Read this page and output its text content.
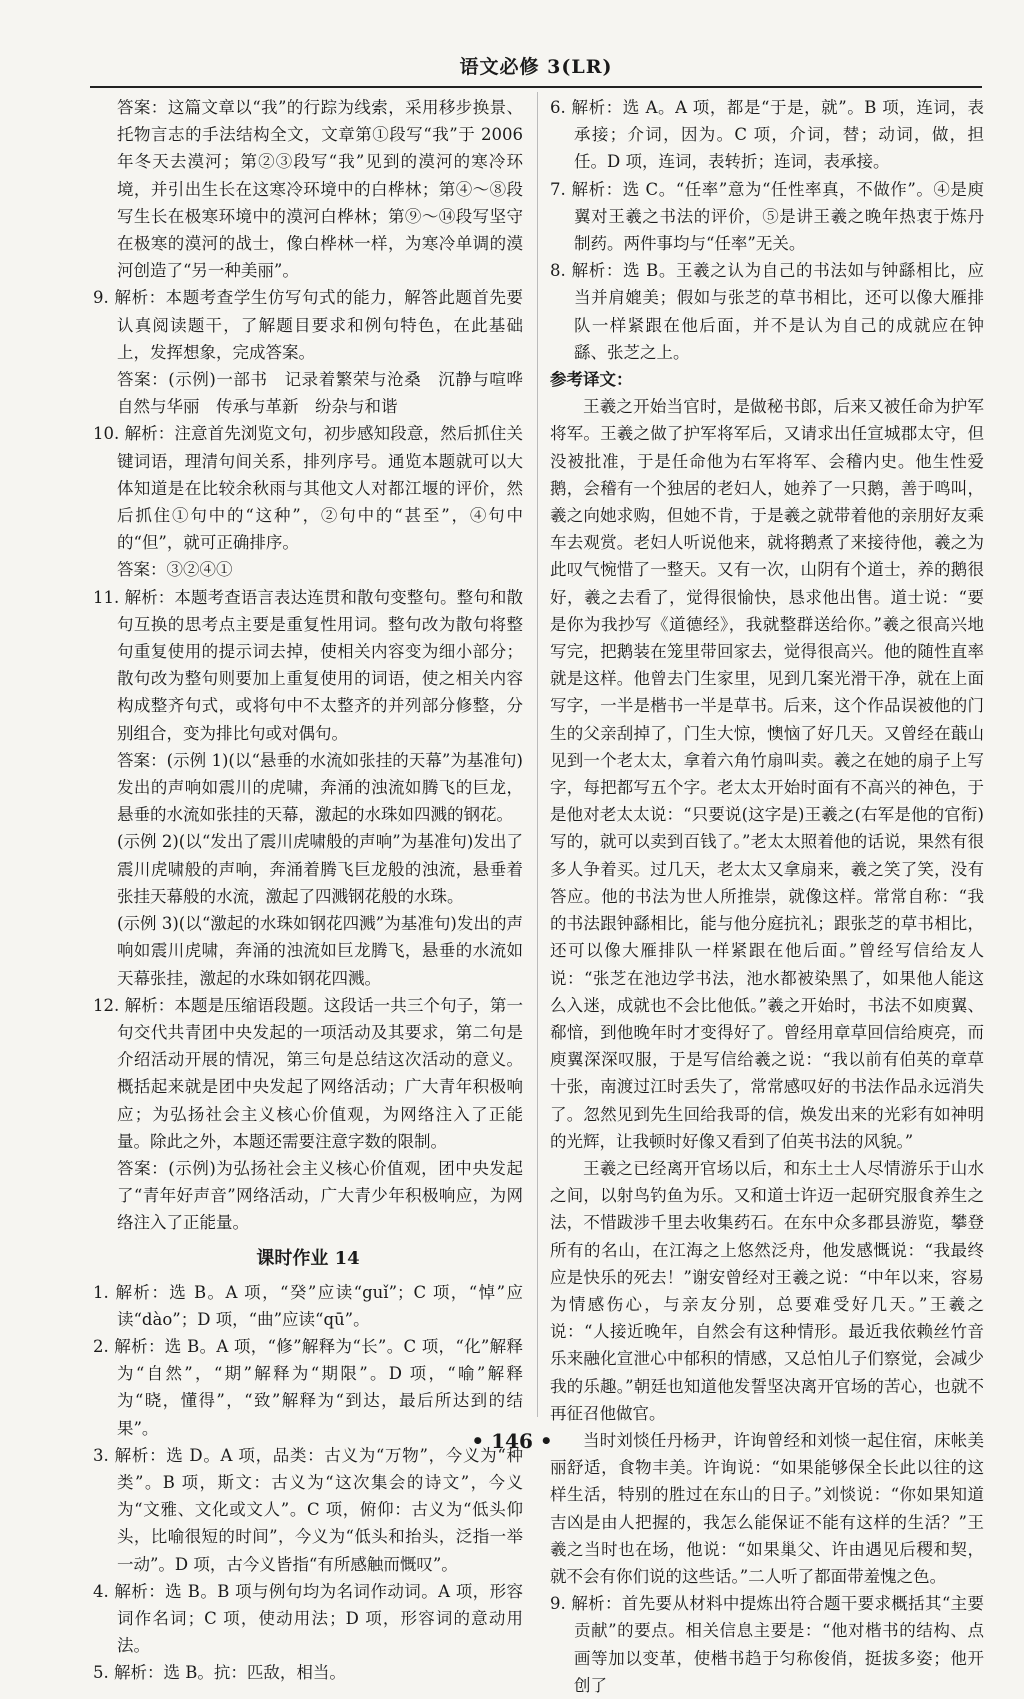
语文必修 3(LR)

答案：这篇文章以“我”的行踪为线索，采用移步换景、托物言志的手法结构全文，文章第①段写“我”于 2006 年冬天去漠河；第②③段写“我”见到的漠河的寒冷环境，并引出生长在这寒冷环境中的白桦林；第④～⑧段写生长在极寒环境中的漠河白桦林；第⑨～⑭段写坚守在极寒的漠河的战士，像白桦林一样，为寒冷单调的漠河创造了“另一种美丽”。

9. 解析：本题考查学生仿写句式的能力，解答此题首先要认真阅读题干，了解题目要求和例句特色，在此基础上，发挥想象，完成答案。

答案：(示例)一部书　记录着繁荣与沧桑　沉静与喧哗　自然与华丽　传承与革新　纷杂与和谐

10. 解析：注意首先浏览文句，初步感知段意，然后抓住关键词语，理清句间关系，排列序号。通览本题就可以大体知道是在比较余秋雨与其他文人对都江堰的评价，然后抓住①句中的“这种”，②句中的“甚至”，④句中的“但”，就可正确排序。

答案：③②④①

11. 解析：本题考查语言表达连贯和散句变整句。整句和散句互换的思考点主要是重复性用词。整句改为散句将整句重复使用的提示词去掉，使相关内容变为细小部分；散句改为整句则要加上重复使用的词语，使之相关内容构成整齐句式，或将句中不太整齐的并列部分修整，分别组合，变为排比句或对偶句。

答案：(示例 1)(以“悬垂的水流如张挂的天幕”为基准句)发出的声响如震川的虎啸，奔涌的浊流如腾飞的巨龙，悬垂的水流如张挂的天幕，激起的水珠如四溅的钢花。

(示例 2)(以“发出了震川虎啸般的声响”为基准句)发出了震川虎啸般的声响，奔涌着腾飞巨龙般的浊流，悬垂着张挂天幕般的水流，激起了四溅钢花般的水珠。

(示例 3)(以“激起的水珠如钢花四溅”为基准句)发出的声响如震川虎啸，奔涌的浊流如巨龙腾飞，悬垂的水流如天幕张挂，激起的水珠如钢花四溅。

12. 解析：本题是压缩语段题。这段话一共三个句子，第一句交代共青团中央发起的一项活动及其要求，第二句是介绍活动开展的情况，第三句是总结这次活动的意义。概括起来就是团中央发起了网络活动；广大青年积极响应；为弘扬社会主义核心价值观，为网络注入了正能量。除此之外，本题还需要注意字数的限制。

答案：(示例)为弘扬社会主义核心价值观，团中央发起了“青年好声音”网络活动，广大青少年积极响应，为网络注入了正能量。

课时作业 14

1. 解析：选 B。A 项，“癸”应读“guǐ”；C 项，“悼”应读“dào”；D 项，“曲”应读“qū”。

2. 解析：选 B。A 项，“修”解释为“长”。C 项，“化”解释为“自然”，“期”解释为“期限”。D 项，“喻”解释为“晓，懂得”，“致”解释为“到达，最后所达到的结果”。

3. 解析：选 D。A 项，品类：古义为“万物”，今义为“种类”。B 项，斯文：古义为“这次集会的诗文”，今义为“文雅、文化或文人”。C 项，俯仰：古义为“低头仰头，比喻很短的时间”，今义为“低头和抬头，泛指一举一动”。D 项，古今义皆指“有所感触而慨叹”。

4. 解析：选 B。B 项与例句均为名词作动词。A 项，形容词作名词；C 项，使动用法；D 项，形容词的意动用法。

5. 解析：选 B。抗：匹敌，相当。

6. 解析：选 A。A 项，都是“于是，就”。B 项，连词，表承接；介词，因为。C 项，介词，替；动词，做，担任。D 项，连词，表转折；连词，表承接。

7. 解析：选 C。“任率”意为“任性率真，不做作”。④是庾翼对王羲之书法的评价，⑤是讲王羲之晚年热衷于炼丹制药。两件事均与“任率”无关。

8. 解析：选 B。王羲之认为自己的书法如与钟繇相比，应当并肩媲美；假如与张芝的草书相比，还可以像大雁排队一样紧跟在他后面，并不是认为自己的成就应在钟繇、张芝之上。

参考译文：

王羲之开始当官时，是做秘书郎，后来又被任命为护军将军。王羲之做了护军将军后，又请求出任宣城郡太守，但没被批准，于是任命他为右军将军、会稽内史。他生性爱鹅，会稽有一个独居的老妇人，她养了一只鹅，善于鸣叫，羲之向她求购，但她不肯，于是羲之就带着他的亲朋好友乘车去观赏。老妇人听说他来，就将鹅煮了来接待他，羲之为此叹气惋惜了一整天。又有一次，山阴有个道士，养的鹅很好，羲之去看了，觉得很愉快，恳求他出售。道士说：“要是你为我抄写《道德经》，我就整群送给你。”羲之很高兴地写完，把鹅装在笼里带回家去，觉得很高兴。他的随性直率就是这样。他曾去门生家里，见到几案光滑干净，就在上面写字，一半是楷书一半是草书。后来，这个作品误被他的门生的父亲刮掉了，门生大惊，懊恼了好几天。又曾经在蕺山见到一个老太太，拿着六角竹扇叫卖。羲之在她的扇子上写字，每把都写五个字。老太太开始时面有不高兴的神色，于是他对老太太说：“只要说(这字是)王羲之(右军是他的官衔)写的，就可以卖到百钱了。”老太太照着他的话说，果然有很多人争着买。过几天，老太太又拿扇来，羲之笑了笑，没有答应。他的书法为世人所推崇，就像这样。常常自称：“我的书法跟钟繇相比，能与他分庭抗礼；跟张芝的草书相比，还可以像大雁排队一样紧跟在他后面。”曾经写信给友人说：“张芝在池边学书法，池水都被染黑了，如果他人能这么入迷，成就也不会比他低。”羲之开始时，书法不如庾翼、郗愔，到他晚年时才变得好了。曾经用章草回信给庾亮，而庾翼深深叹服，于是写信给羲之说：“我以前有伯英的章草十张，南渡过江时丢失了，常常感叹好的书法作品永远消失了。忽然见到先生回给我哥的信，焕发出来的光彩有如神明的光辉，让我顿时好像又看到了伯英书法的风貌。”

王羲之已经离开官场以后，和东土士人尽情游乐于山水之间，以射鸟钓鱼为乐。又和道士许迈一起研究服食养生之法，不惜跋涉千里去收集药石。在东中众多郡县游览，攀登所有的名山，在江海之上悠然泛舟，他发感慨说：“我最终应是快乐的死去！”谢安曾经对王羲之说：“中年以来，容易为情感伤心，与亲友分别，总要难受好几天。”王羲之说：“人接近晚年，自然会有这种情形。最近我依赖丝竹音乐来融化宣泄心中郁积的情感，又总怕儿子们察觉，会减少我的乐趣。”朝廷也知道他发誓坚决离开官场的苦心，也就不再征召他做官。

当时刘惔任丹杨尹，许询曾经和刘惔一起住宿，床帐美丽舒适，食物丰美。许询说：“如果能够保全长此以往的这样生活，特别的胜过在东山的日子。”刘惔说：“你如果知道吉凶是由人把握的，我怎么能保证不能有这样的生活？”王羲之当时也在场，他说：“如果巢父、许由遇见后稷和契，就不会有你们说的这些话。”二人听了都面带羞愧之色。

9. 解析：首先要从材料中提炼出符合题干要求概括其“主要贡献”的要点。相关信息主要是：“他对楷书的结构、点画等加以变革，使楷书趋于匀称俊俏，挺拔多姿；他开创了

• 146 •
